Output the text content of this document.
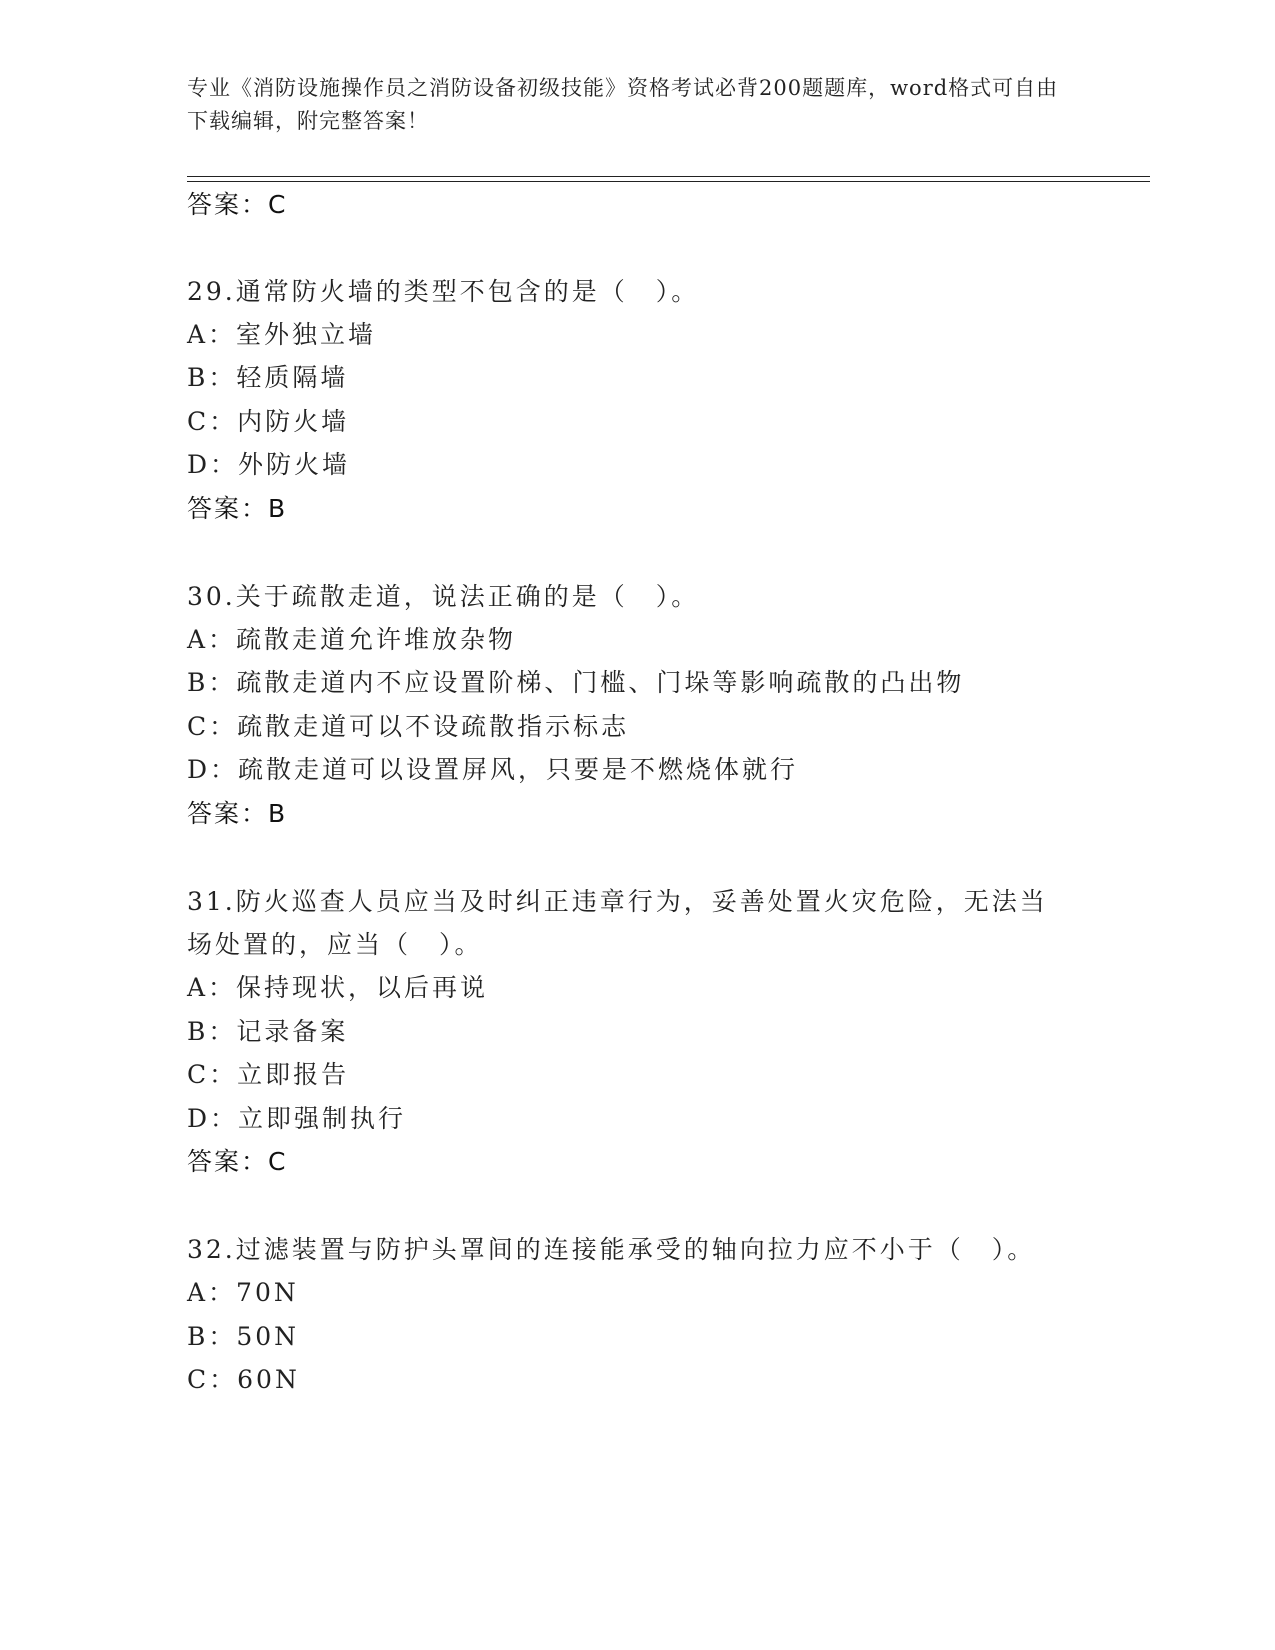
专业《消防设施操作员之消防设备初级技能》资格考试必背200题题库，word格式可自由下载编辑，附完整答案！
答案：C
29.通常防火墙的类型不包含的是（　）。
A：室外独立墙
B：轻质隔墙
C：内防火墙
D：外防火墙
答案：B
30.关于疏散走道，说法正确的是（　）。
A：疏散走道允许堆放杂物
B：疏散走道内不应设置阶梯、门槛、门垛等影响疏散的凸出物
C：疏散走道可以不设疏散指示标志
D：疏散走道可以设置屏风，只要是不燃烧体就行
答案：B
31.防火巡查人员应当及时纠正违章行为，妥善处置火灾危险，无法当
场处置的，应当（　）。
A：保持现状，以后再说
B：记录备案
C：立即报告
D：立即强制执行
答案：C
32.过滤装置与防护头罩间的连接能承受的轴向拉力应不小于（　）。
A：70N
B：50N
C：60N
